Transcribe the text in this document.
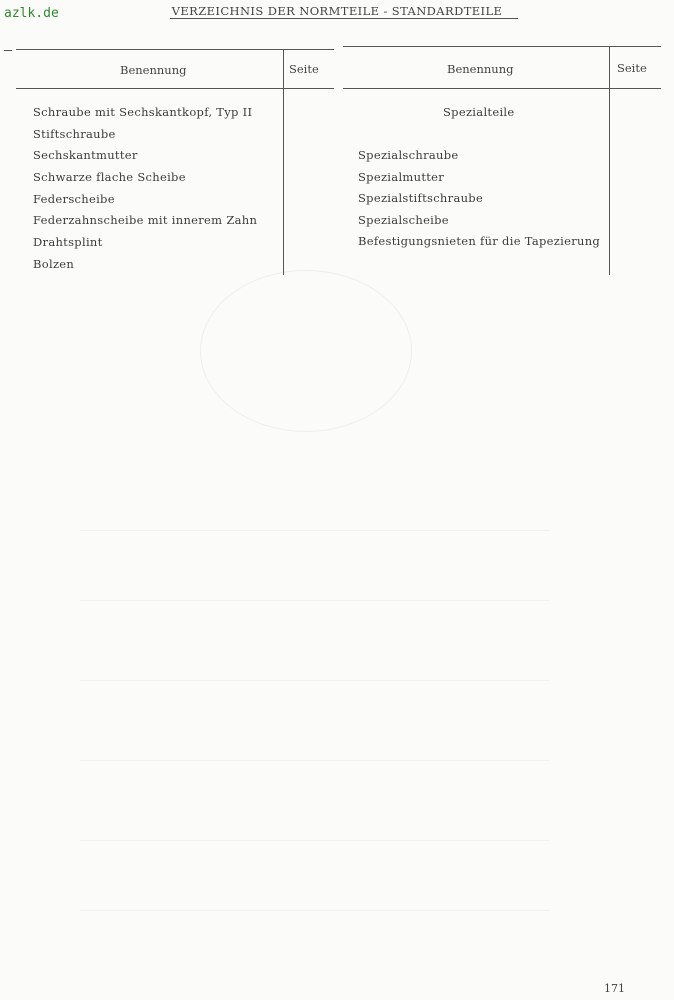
azlk.de	VERZEICHNIS DER NORMTEILE - STANDARDTEILE
Benennung	Seite	Benennung	Seite
Schraube mit Sechskantkopf, Typ II
Stiftschraube
Sechskantmutter
Schwarze flache Scheibe
Federscheibe
Federzahnscheibe mit innerem Zahn
Drahtsplint
Bolzen
Spezialteile
Spezialschraube
Spezialmutter
Spezialstiftschraube
Spezialscheibe
Befestigungsnieten für die Tapezierung
171
